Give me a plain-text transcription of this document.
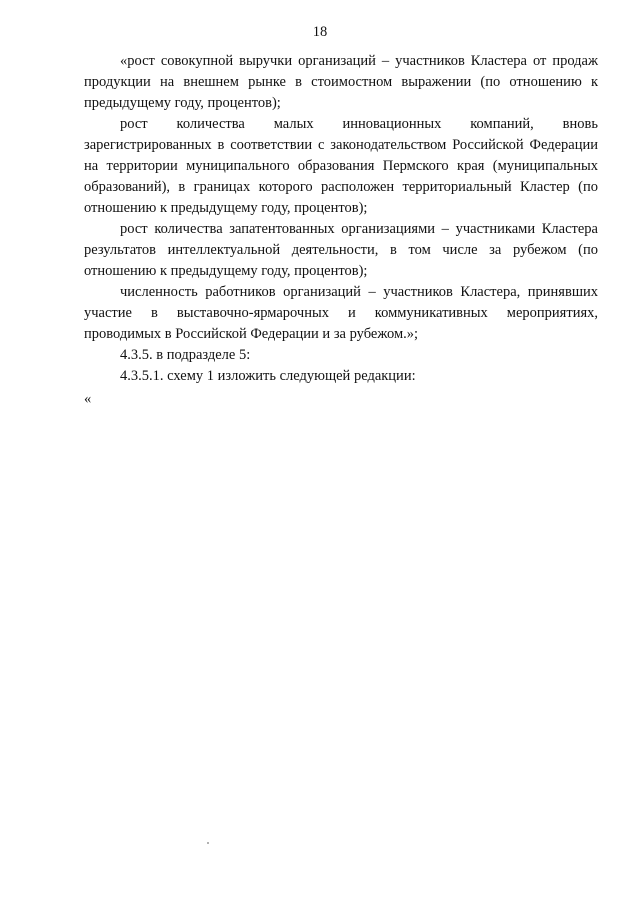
18

«рост совокупной выручки организаций – участников Кластера от продаж продукции на внешнем рынке в стоимостном выражении (по отношению к предыдущему году, процентов);

рост количества малых инновационных компаний, вновь зарегистрированных в соответствии с законодательством Российской Федерации на территории муниципального образования Пермского края (муниципальных образований), в границах которого расположен территориальный Кластер (по отношению к предыдущему году, процентов);

рост количества запатентованных организациями – участниками Кластера результатов интеллектуальной деятельности, в том числе за рубежом (по отношению к предыдущему году, процентов);

численность работников организаций – участников Кластера, принявших участие в выставочно-ярмарочных и коммуникативных мероприятиях, проводимых в Российской Федерации и за рубежом.»;

4.3.5. в подразделе 5:

4.3.5.1. схему 1 изложить следующей редакции:

«
